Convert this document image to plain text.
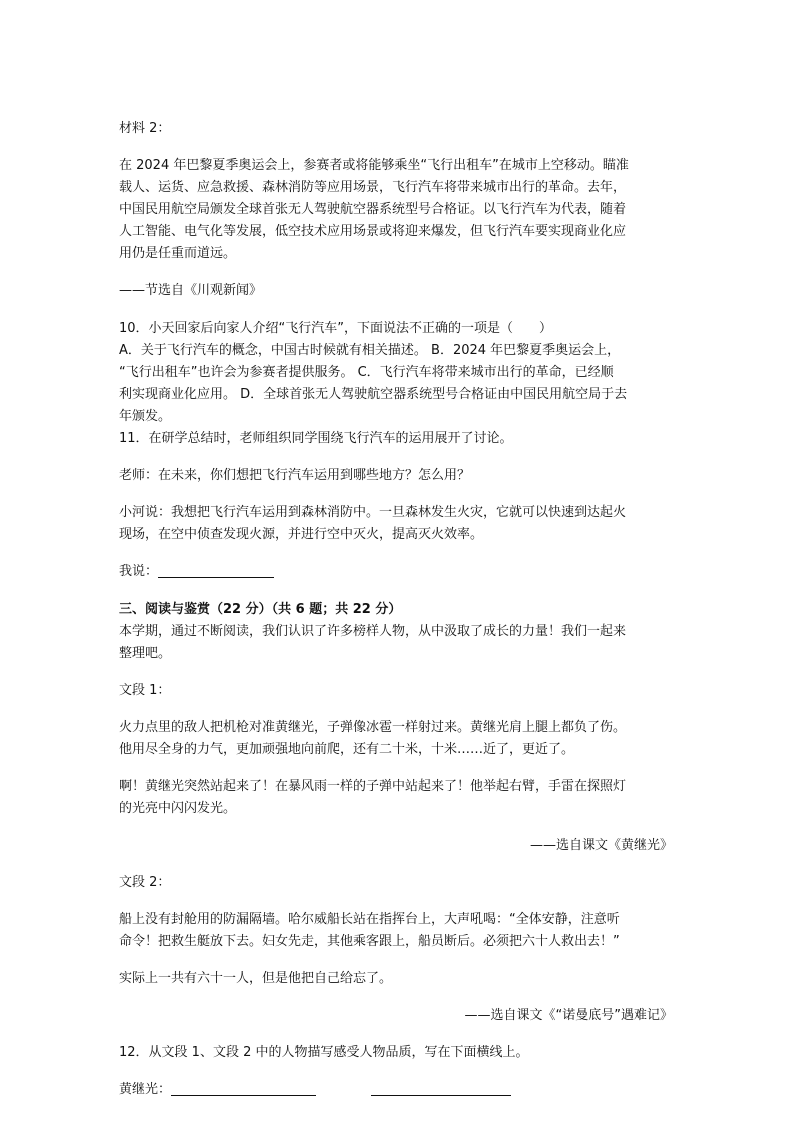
材料 2：
在 2024 年巴黎夏季奥运会上，参赛者或将能够乘坐“飞行出租车”在城市上空移动。瞄准
载人、运货、应急救援、森林消防等应用场景，飞行汽车将带来城市出行的革命。去年，
中国民用航空局颁发全球首张无人驾驶航空器系统型号合格证。以飞行汽车为代表，随着
人工智能、电气化等发展，低空技术应用场景或将迎来爆发，但飞行汽车要实现商业化应
用仍是任重而道远。
——节选自《川观新闻》
10．小天回家后向家人介绍“飞行汽车”，下面说法不正确的一项是（　　）
A．关于飞行汽车的概念，中国古时候就有相关描述。 B．2024 年巴黎夏季奥运会上，
“飞行出租车”也许会为参赛者提供服务。 C．飞行汽车将带来城市出行的革命，已经顺
利实现商业化应用。 D．全球首张无人驾驶航空器系统型号合格证由中国民用航空局于去
年颁发。
11．在研学总结时，老师组织同学围绕飞行汽车的运用展开了讨论。
老师：在未来，你们想把飞行汽车运用到哪些地方？怎么用？
小河说：我想把飞行汽车运用到森林消防中。一旦森林发生火灾，它就可以快速到达起火
现场，在空中侦查发现火源，并进行空中灭火，提高灭火效率。
我说：
三、阅读与鉴赏（22 分）（共 6 题；共 22 分）
本学期，通过不断阅读，我们认识了许多榜样人物，从中汲取了成长的力量！我们一起来
整理吧。
文段 1：
火力点里的敌人把机枪对准黄继光，子弹像冰雹一样射过来。黄继光肩上腿上都负了伤。
他用尽全身的力气，更加顽强地向前爬，还有二十米，十米……近了，更近了。
啊！黄继光突然站起来了！在暴风雨一样的子弹中站起来了！他举起右臂，手雷在探照灯
的光亮中闪闪发光。
——选自课文《黄继光》
文段 2：
船上没有封舱用的防漏隔墙。哈尔威船长站在指挥台上，大声吼喝：“全体安静，注意听
命令！把救生艇放下去。妇女先走，其他乘客跟上，船员断后。必须把六十人救出去！”
实际上一共有六十一人，但是他把自己给忘了。
——选自课文《“诺曼底号”遇难记》
12．从文段 1、文段 2 中的人物描写感受人物品质，写在下面横线上。
黄继光：
